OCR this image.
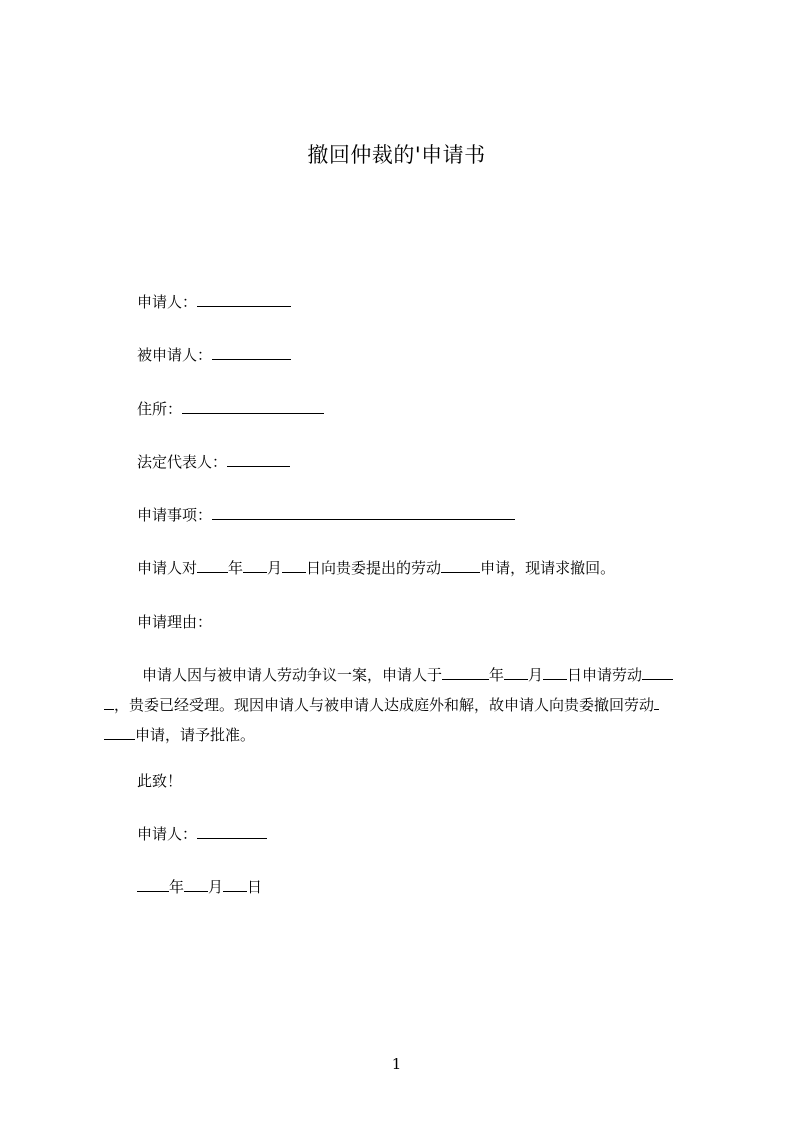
撤回仲裁的'申请书
申请人：
被申请人：
住所：
法定代表人：
申请事项：
申请人对 年 月 日向贵委提出的劳动	申请，现请求撤回。
申请理由：
申请人因与被申请人劳动争议一案，申请人于	年 月 日申请劳动
，贵委已经受理。现因申请人与被申请人达成庭外和解，故申请人向贵委撤回劳动
申请，请予批准。
此致！
申请人：
年 月 日
1
